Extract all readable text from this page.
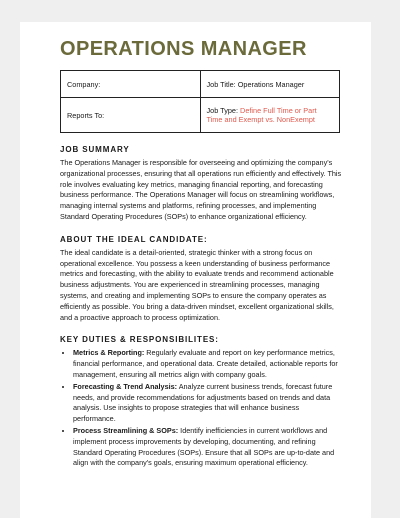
OPERATIONS MANAGER
Company:	Job Title: Operations Manager
Reports To:	Job Type: Define Full Time or Part Time and Exempt vs. NonExempt
JOB SUMMARY

The Operations Manager is responsible for overseeing and optimizing the company's organizational processes, ensuring that all operations run efficiently and effectively. This role involves evaluating key metrics, managing financial reporting, and forecasting business performance. The Operations Manager will focus on streamlining workflows, managing internal systems and platforms, refining processes, and implementing Standard Operating Procedures (SOPs) to enhance organizational efficiency.

ABOUT THE IDEAL CANDIDATE:

The ideal candidate is a detail-oriented, strategic thinker with a strong focus on operational excellence. You possess a keen understanding of business performance metrics and forecasting, with the ability to evaluate trends and recommend actionable business adjustments. You are experienced in streamlining processes, managing systems, and creating and implementing SOPs to ensure the company operates as efficiently as possible. You bring a data-driven mindset, excellent organizational skills, and a proactive approach to process optimization.

KEY DUTIES & RESPONSIBILITES:
• Metrics & Reporting: Regularly evaluate and report on key performance metrics, financial performance, and operational data. Create detailed, actionable reports for management, ensuring all metrics align with company goals.
• Forecasting & Trend Analysis: Analyze current business trends, forecast future needs, and provide recommendations for adjustments based on trends and data analysis. Use insights to propose strategies that will enhance business performance.
• Process Streamlining & SOPs: Identify inefficiencies in current workflows and implement process improvements by developing, documenting, and refining Standard Operating Procedures (SOPs). Ensure that all SOPs are up-to-date and align with the company's goals, ensuring maximum operational efficiency.
